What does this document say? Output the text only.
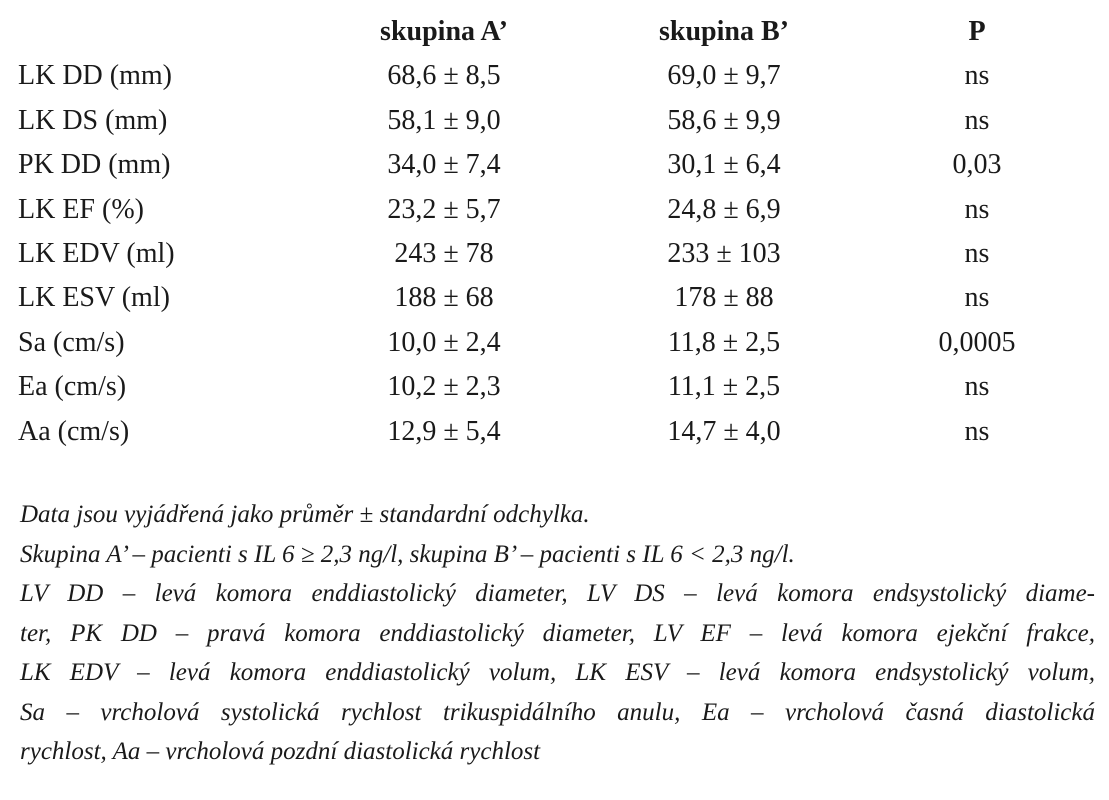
	skupina A’	skupina B’	P
LK DD (mm)	68,6 ± 8,5	69,0 ± 9,7	ns
LK DS (mm)	58,1 ± 9,0	58,6 ± 9,9	ns
PK DD (mm)	34,0 ± 7,4	30,1 ± 6,4	0,03
LK EF (%)	23,2 ± 5,7	24,8 ± 6,9	ns
LK EDV (ml)	243 ± 78	233 ± 103	ns
LK ESV (ml)	188 ± 68	178 ± 88	ns
Sa (cm/s)	10,0 ± 2,4	11,8 ± 2,5	0,0005
Ea (cm/s)	10,2 ± 2,3	11,1 ± 2,5	ns
Aa (cm/s)	12,9 ± 5,4	14,7 ± 4,0	ns
Data jsou vyjádřená jako průměr ± standardní odchylka.
Skupina A’ – pacienti s IL 6 ≥ 2,3 ng/l, skupina B’ – pacienti s IL 6 < 2,3 ng/l.
LV DD – levá komora enddiastolický diameter, LV DS – levá komora endsystolický diame-
ter, PK DD – pravá komora enddiastolický diameter, LV EF – levá komora ejekční frakce,
LK EDV – levá komora enddiastolický volum, LK ESV – levá komora endsystolický volum,
Sa – vrcholová systolická rychlost trikuspidálního anulu, Ea – vrcholová časná diastolická
rychlost, Aa – vrcholová pozdní diastolická rychlost
